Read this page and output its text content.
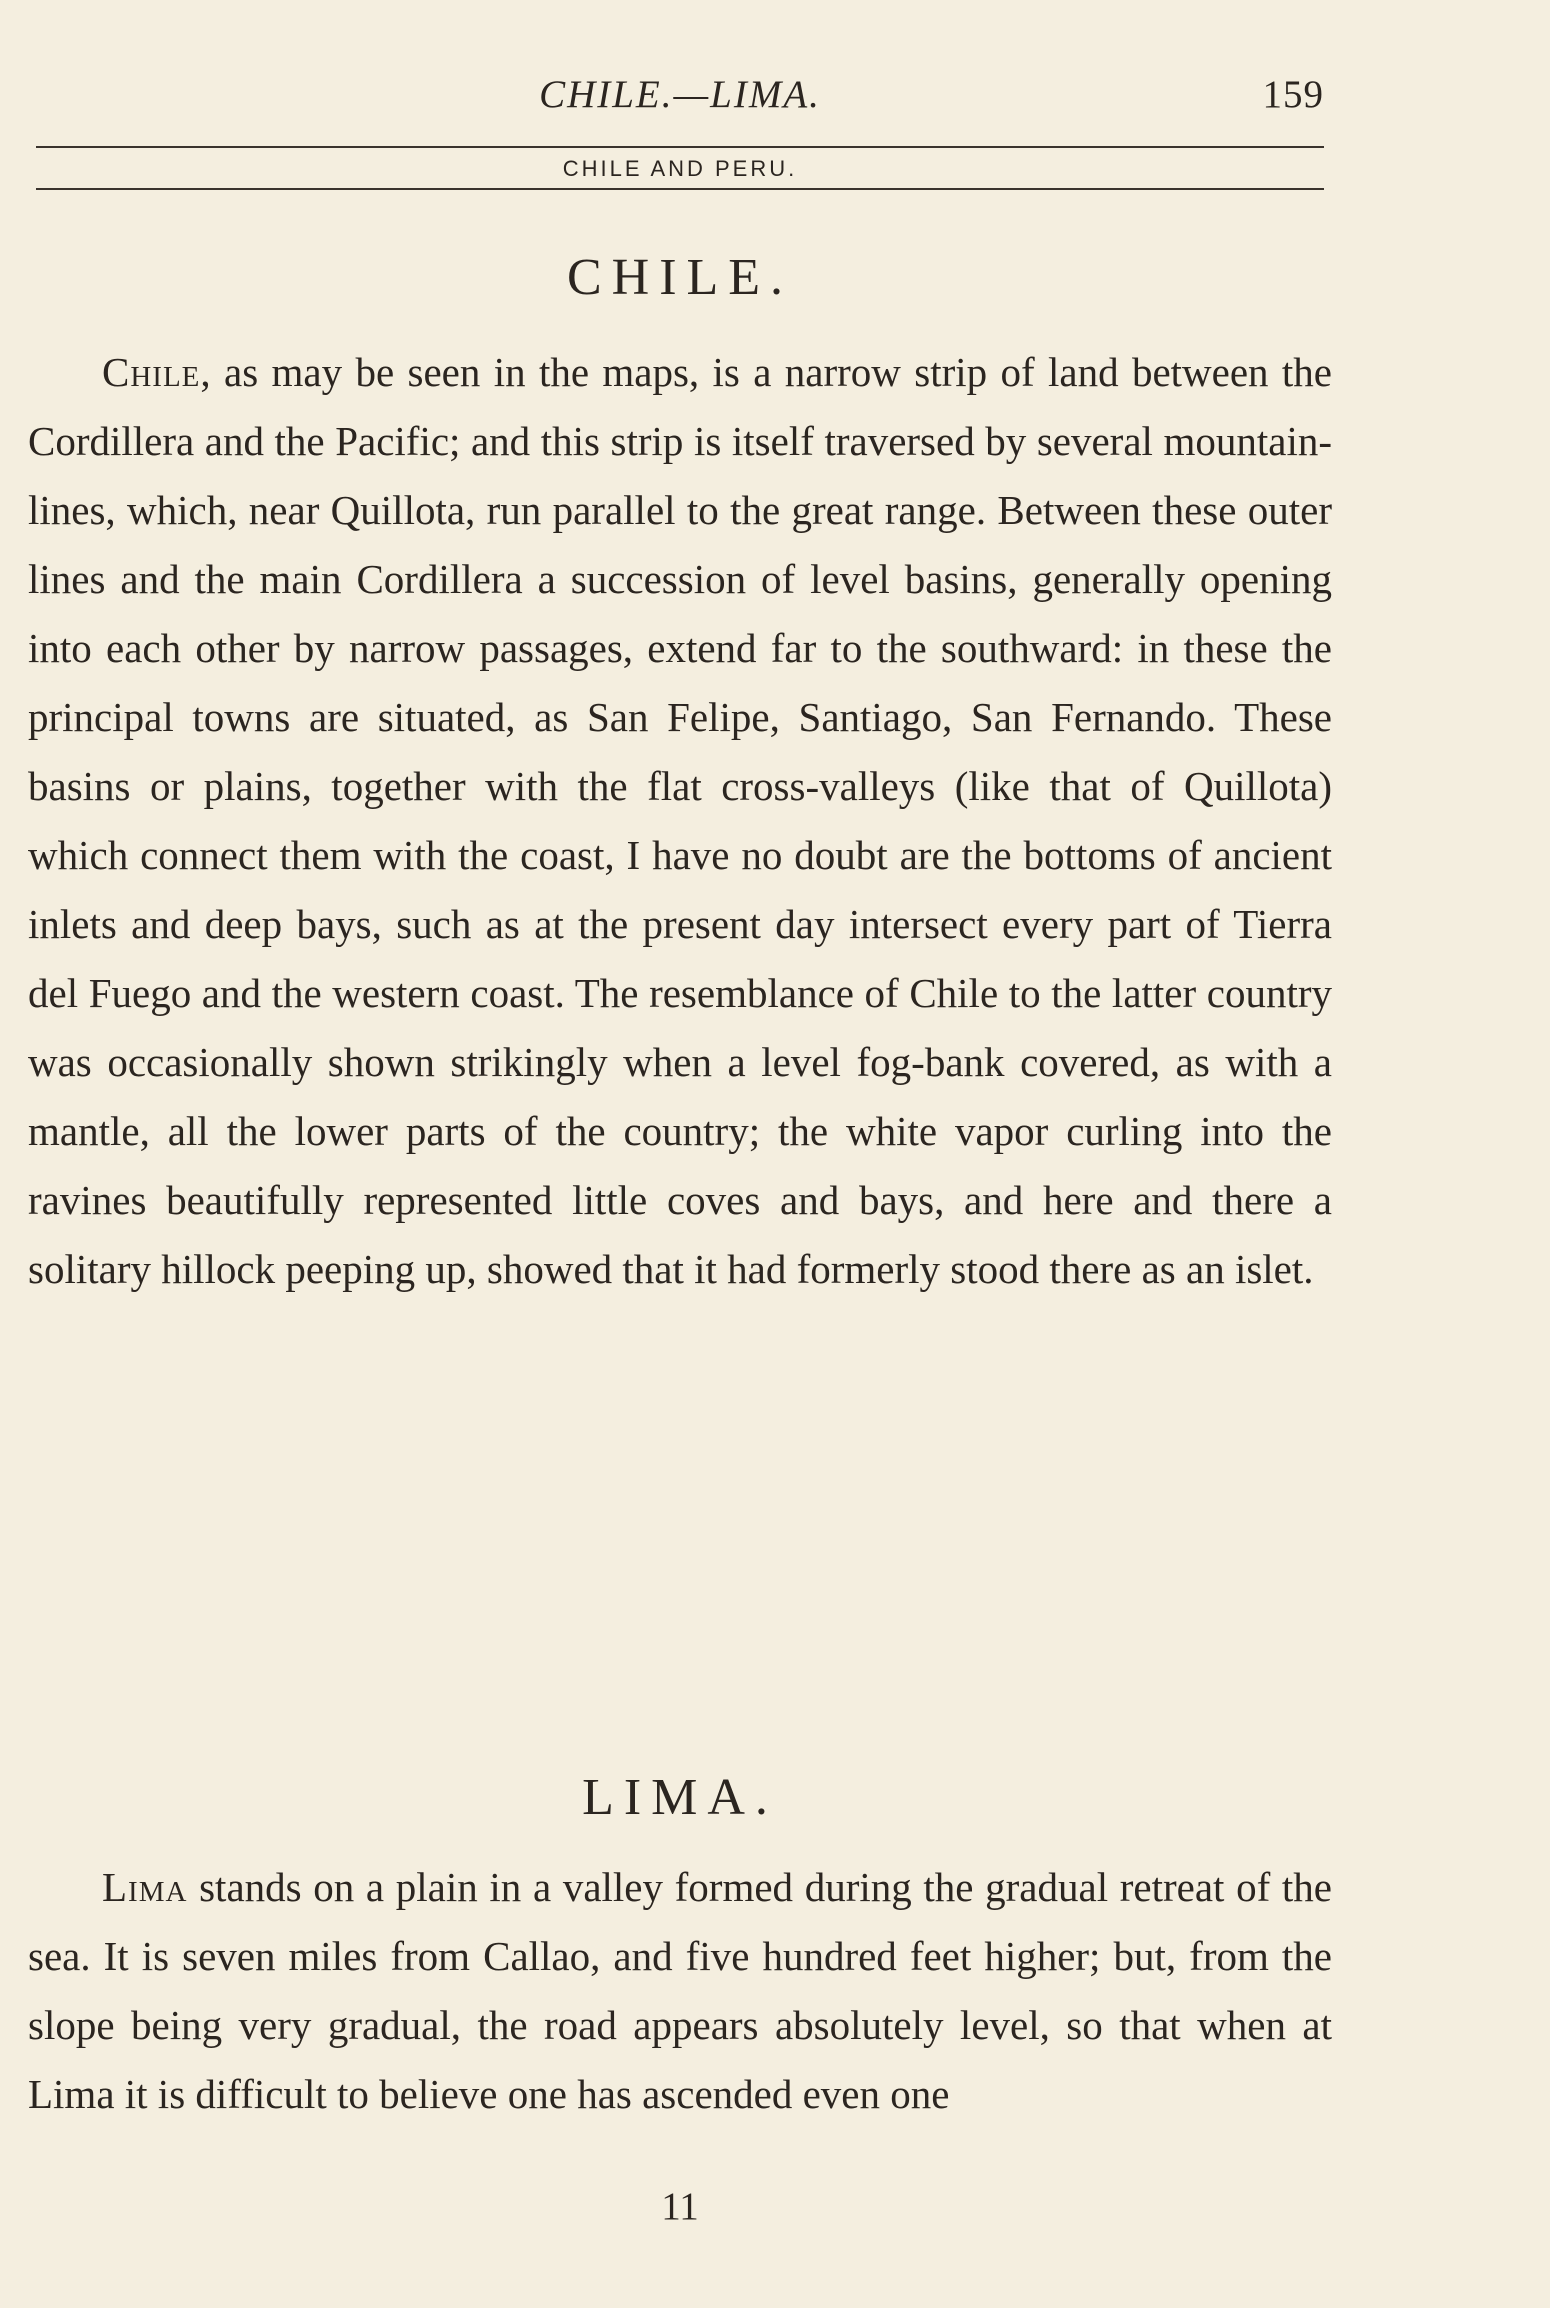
CHILE.—LIMA.	159
CHILE AND PERU.
CHILE.

Chile, as may be seen in the maps, is a narrow strip of land between the Cordillera and the Pacific; and this strip is itself traversed by several mountain-lines, which, near Quillota, run parallel to the great range. Between these outer lines and the main Cordillera a succession of level basins, generally opening into each other by narrow passages, extend far to the southward: in these the principal towns are situated, as San Felipe, Santiago, San Fernando. These basins or plains, together with the flat cross-valleys (like that of Quillota) which connect them with the coast, I have no doubt are the bottoms of ancient inlets and deep bays, such as at the present day intersect every part of Tierra del Fuego and the western coast. The resemblance of Chile to the latter country was occasionally shown strikingly when a level fog-bank covered, as with a mantle, all the lower parts of the country; the white vapor curling into the ravines beautifully represented little coves and bays, and here and there a solitary hillock peeping up, showed that it had formerly stood there as an islet.

LIMA.

Lima stands on a plain in a valley formed during the gradual retreat of the sea. It is seven miles from Callao, and five hundred feet higher; but, from the slope being very gradual, the road appears absolutely level, so that when at Lima it is difficult to believe one has ascended even one

11
